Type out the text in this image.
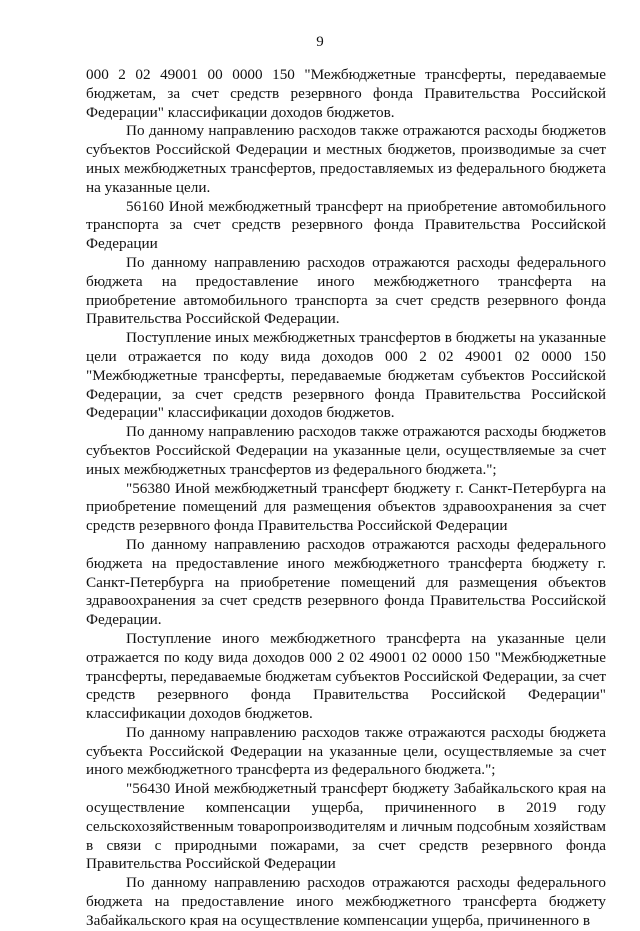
9

000 2 02 49001 00 0000 150 "Межбюджетные трансферты, передаваемые бюджетам, за счет средств резервного фонда Правительства Российской Федерации" классификации доходов бюджетов.

По данному направлению расходов также отражаются расходы бюджетов субъектов Российской Федерации и местных бюджетов, производимые за счет иных межбюджетных трансфертов, предоставляемых из федерального бюджета на указанные цели.

56160 Иной межбюджетный трансферт на приобретение автомобильного транспорта за счет средств резервного фонда Правительства Российской Федерации

По данному направлению расходов отражаются расходы федерального бюджета на предоставление иного межбюджетного трансферта на приобретение автомобильного транспорта за счет средств резервного фонда Правительства Российской Федерации.

Поступление иных межбюджетных трансфертов в бюджеты на указанные цели отражается по коду вида доходов 000 2 02 49001 02 0000 150 "Межбюджетные трансферты, передаваемые бюджетам субъектов Российской Федерации, за счет средств резервного фонда Правительства Российской Федерации" классификации доходов бюджетов.

По данному направлению расходов также отражаются расходы бюджетов субъектов Российской Федерации на указанные цели, осуществляемые за счет иных межбюджетных трансфертов из федерального бюджета.";

"56380 Иной межбюджетный трансферт бюджету г. Санкт-Петербурга на приобретение помещений для размещения объектов здравоохранения за счет средств резервного фонда Правительства Российской Федерации

По данному направлению расходов отражаются расходы федерального бюджета на предоставление иного межбюджетного трансферта бюджету г. Санкт-Петербурга на приобретение помещений для размещения объектов здравоохранения за счет средств резервного фонда Правительства Российской Федерации.

Поступление иного межбюджетного трансферта на указанные цели отражается по коду вида доходов 000 2 02 49001 02 0000 150 "Межбюджетные трансферты, передаваемые бюджетам субъектов Российской Федерации, за счет средств резервного фонда Правительства Российской Федерации" классификации доходов бюджетов.

По данному направлению расходов также отражаются расходы бюджета субъекта Российской Федерации на указанные цели, осуществляемые за счет иного межбюджетного трансферта из федерального бюджета.";

"56430 Иной межбюджетный трансферт бюджету Забайкальского края на осуществление компенсации ущерба, причиненного в 2019 году сельскохозяйственным товаропроизводителям и личным подсобным хозяйствам в связи с природными пожарами, за счет средств резервного фонда Правительства Российской Федерации

По данному направлению расходов отражаются расходы федерального бюджета на предоставление иного межбюджетного трансферта бюджету Забайкальского края на осуществление компенсации ущерба, причиненного в
